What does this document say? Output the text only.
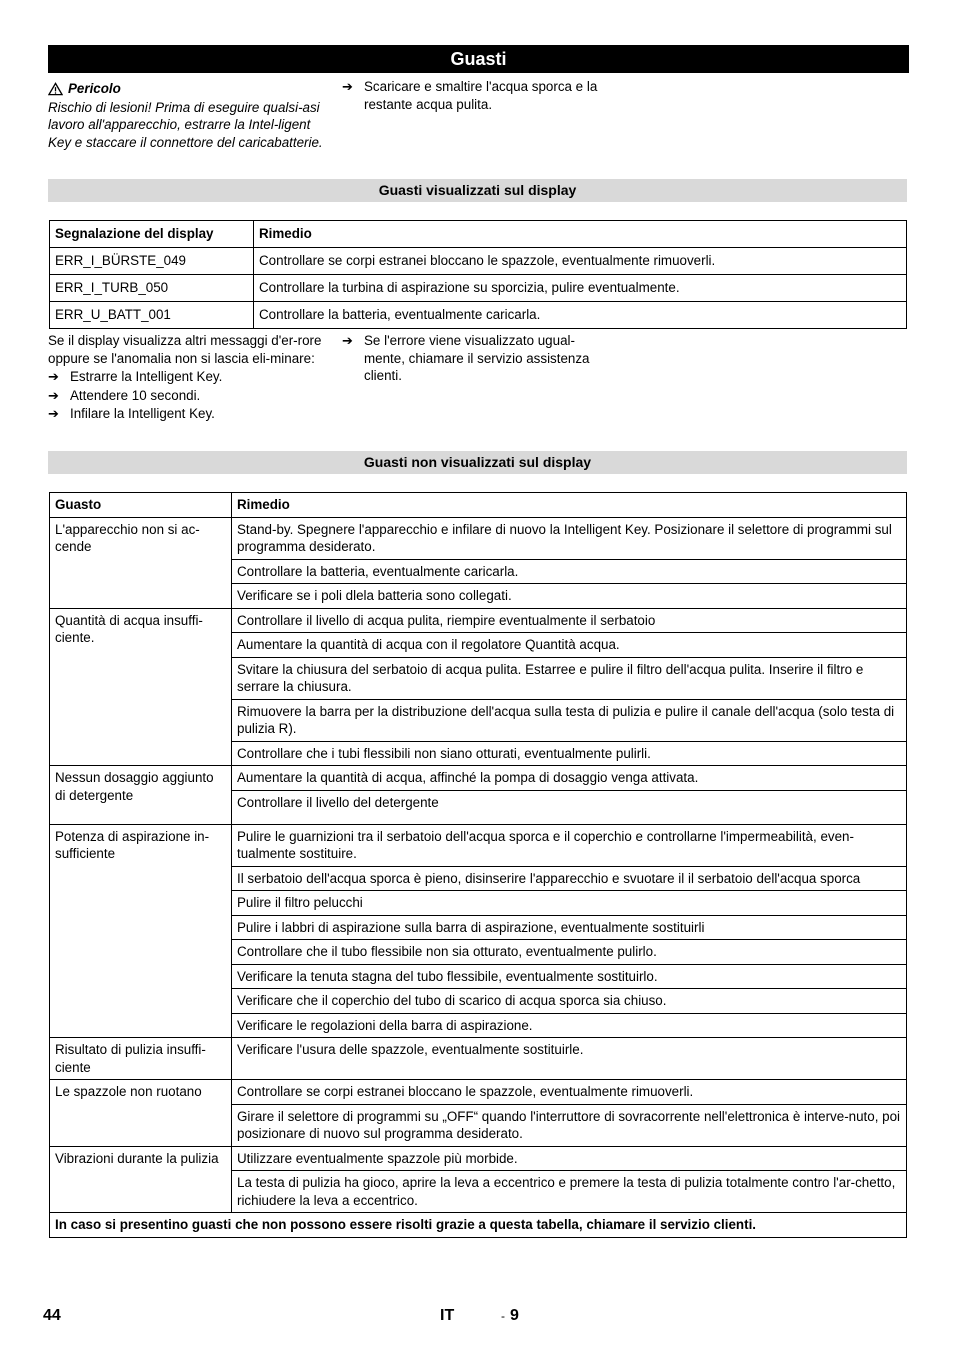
Guasti
Pericolo
Rischio di lesioni! Prima di eseguire qualsi-asi lavoro all'apparecchio, estrarre la Intel-ligent Key e staccare il connettore del caricabatterie.
➔ Scaricare e smaltire l'acqua sporca e la restante acqua pulita.
Guasti visualizzati sul display
Segnalazione del display	Rimedio
ERR_I_BÜRSTE_049	Controllare se corpi estranei bloccano le spazzole, eventualmente rimuoverli.
ERR_I_TURB_050	Controllare la turbina di aspirazione su sporcizia, pulire eventualmente.
ERR_U_BATT_001	Controllare la batteria, eventualmente caricarla.
Se il display visualizza altri messaggi d'er-rore oppure se l'anomalia non si lascia eli-minare:
➔ Estrarre la Intelligent Key.
➔ Attendere 10 secondi.
➔ Infilare la Intelligent Key.
➔ Se l'errore viene visualizzato ugual-mente, chiamare il servizio assistenza clienti.
Guasti non visualizzati sul display
Guasto	Rimedio
L'apparecchio non si ac-cende	Stand-by. Spegnere l'apparecchio e infilare di nuovo la Intelligent Key. Posizionare il selettore di programmi sul programma desiderato.
	Controllare la batteria, eventualmente caricarla.
	Verificare se i poli dlela batteria sono collegati.
Quantità di acqua insuffi-ciente.	Controllare il livello di acqua pulita, riempire eventualmente il serbatoio
	Aumentare la quantità di acqua con il regolatore Quantità acqua.
	Svitare la chiusura del serbatoio di acqua pulita. Estarree e pulire il filtro dell'acqua pulita. Inserire il filtro e serrare la chiusura.
	Rimuovere la barra per la distribuzione dell'acqua sulla testa di pulizia e pulire il canale dell'acqua (solo testa di pulizia R).
	Controllare che i tubi flessibili non siano otturati, eventualmente pulirli.
Nessun dosaggio aggiunto di detergente	Aumentare la quantità di acqua, affinché la pompa di dosaggio venga attivata.
	Controllare il livello del detergente
Potenza di aspirazione in-sufficiente	Pulire le guarnizioni tra il serbatoio dell'acqua sporca e il coperchio e controllarne l'impermeabilità, even-tualmente sostituire.
	Il serbatoio dell'acqua sporca è pieno, disinserire l'apparecchio e svuotare il il serbatoio dell'acqua sporca
	Pulire il filtro pelucchi
	Pulire i labbri di aspirazione sulla barra di aspirazione, eventualmente sostituirli
	Controllare che il tubo flessibile non sia otturato, eventualmente pulirlo.
	Verificare la tenuta stagna del tubo flessibile, eventualmente sostituirlo.
	Verificare che il coperchio del tubo di scarico di acqua sporca sia chiuso.
	Verificare le regolazioni della barra di aspirazione.
Risultato di pulizia insuffi-ciente	Verificare l'usura delle spazzole, eventualmente sostituirle.
Le spazzole non ruotano	Controllare se corpi estranei bloccano le spazzole, eventualmente rimuoverli.
	Girare il selettore di programmi su „OFF“ quando l'interruttore di sovracorrente nell'elettronica è interve-nuto, poi posizionare di nuovo sul programma desiderato.
Vibrazioni durante la pulizia	Utilizzare eventualmente spazzole più morbide.
	La testa di pulizia ha gioco, aprire la leva a eccentrico e premere la testa di pulizia totalmente contro l'ar-chetto, richiudere la leva a eccentrico.
In caso si presentino guasti che non possono essere risolti grazie a questa tabella, chiamare il servizio clienti.	
44	IT	- 9
